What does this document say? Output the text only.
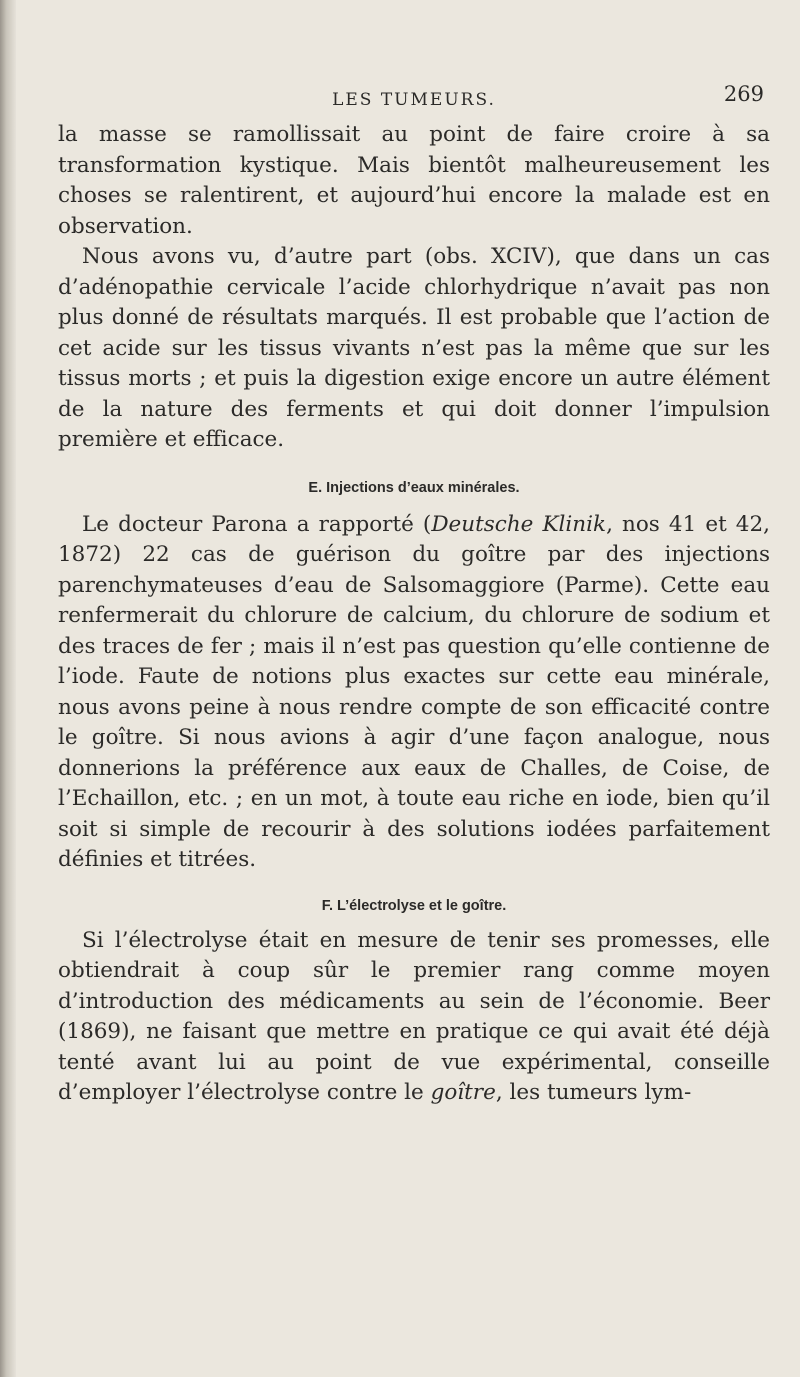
LES TUMEURS.	269

la masse se ramollissait au point de faire croire à sa transformation kystique. Mais bientôt malheureusement les choses se ralentirent, et aujourd’hui encore la malade est en observation.

Nous avons vu, d’autre part (obs. XCIV), que dans un cas d’adénopathie cervicale l’acide chlorhydrique n’avait pas non plus donné de résultats marqués. Il est probable que l’action de cet acide sur les tissus vivants n’est pas la même que sur les tissus morts ; et puis la digestion exige encore un autre élément de la nature des ferments et qui doit donner l’impulsion première et efficace.

E. Injections d’eaux minérales.

Le docteur Parona a rapporté (Deutsche Klinik, nos 41 et 42, 1872) 22 cas de guérison du goître par des injections parenchymateuses d’eau de Salsomaggiore (Parme). Cette eau renfermerait du chlorure de calcium, du chlorure de sodium et des traces de fer ; mais il n’est pas question qu’elle contienne de l’iode. Faute de notions plus exactes sur cette eau minérale, nous avons peine à nous rendre compte de son efficacité contre le goître. Si nous avions à agir d’une façon analogue, nous donnerions la préférence aux eaux de Challes, de Coise, de l’Echaillon, etc. ; en un mot, à toute eau riche en iode, bien qu’il soit si simple de recourir à des solutions iodées parfaitement définies et titrées.

F. L’électrolyse et le goître.

Si l’électrolyse était en mesure de tenir ses promesses, elle obtiendrait à coup sûr le premier rang comme moyen d’introduction des médicaments au sein de l’économie. Beer (1869), ne faisant que mettre en pratique ce qui avait été déjà tenté avant lui au point de vue expérimental, conseille d’employer l’électrolyse contre le goître, les tumeurs lym-
